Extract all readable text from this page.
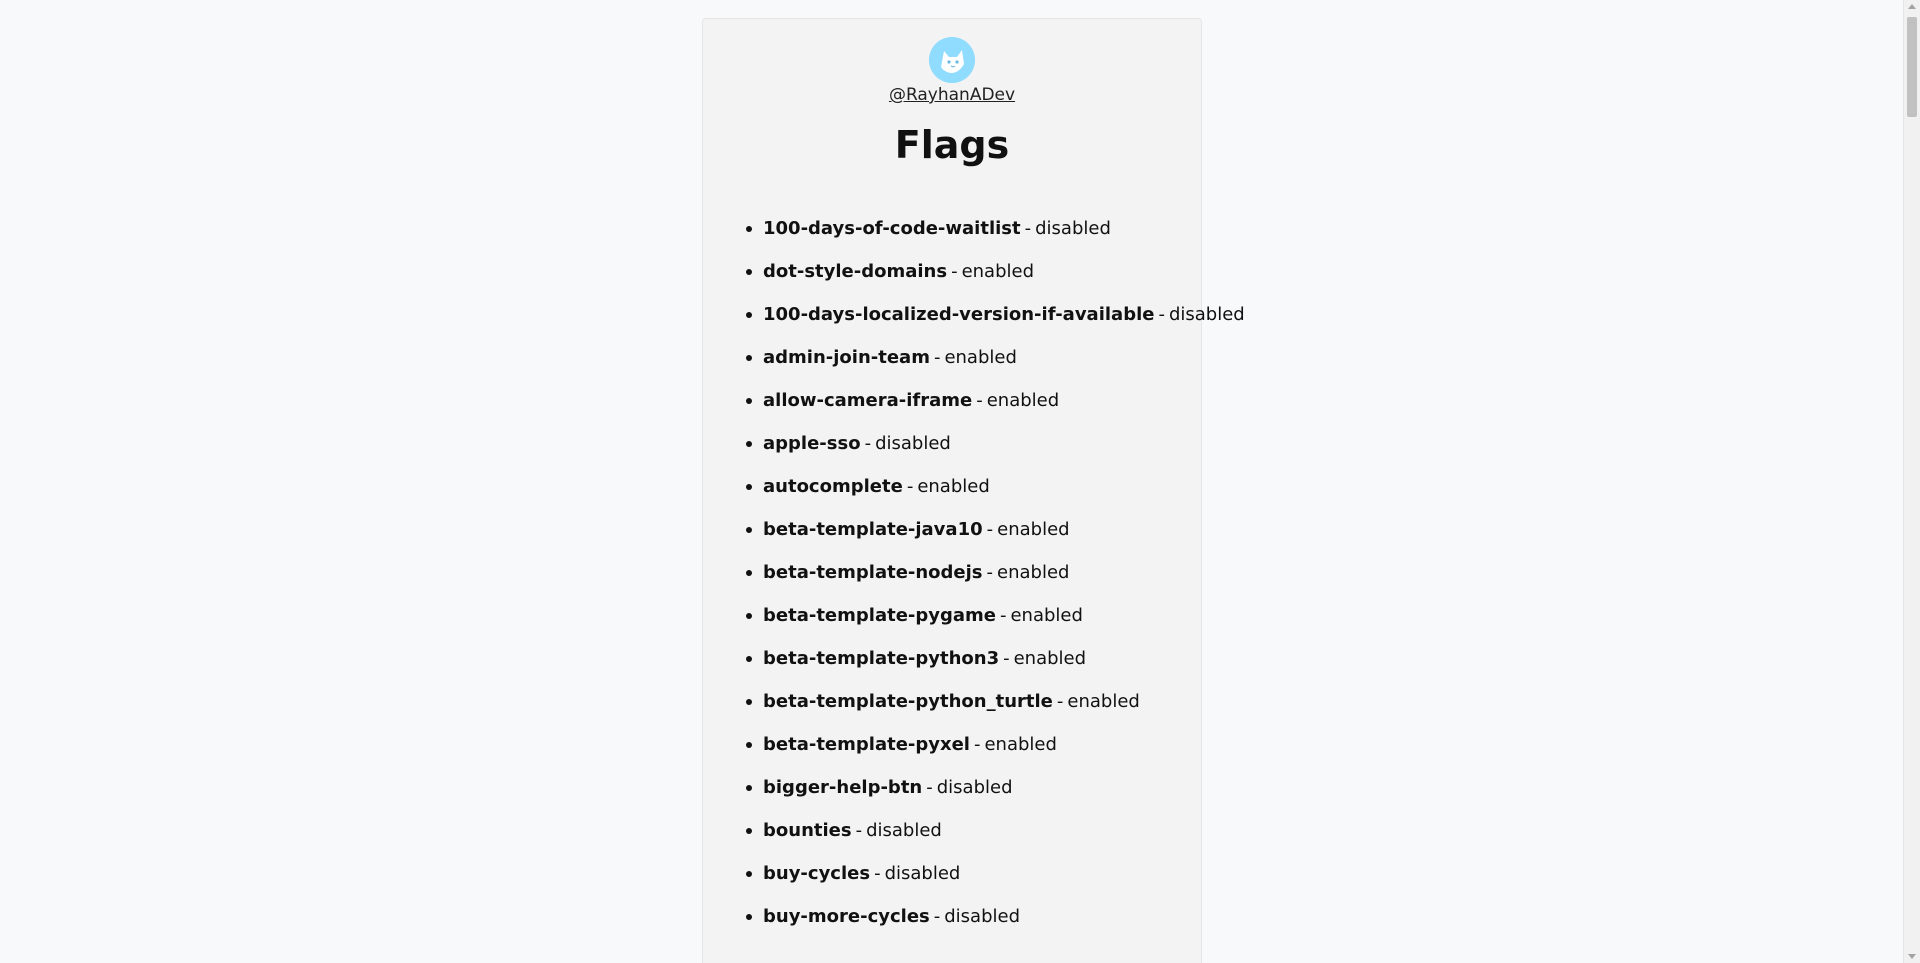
@RayhanADev
Flags
100-days-of-code-waitlist - disabled
dot-style-domains - enabled
100-days-localized-version-if-available - disabled
admin-join-team - enabled
allow-camera-iframe - enabled
apple-sso - disabled
autocomplete - enabled
beta-template-java10 - enabled
beta-template-nodejs - enabled
beta-template-pygame - enabled
beta-template-python3 - enabled
beta-template-python_turtle - enabled
beta-template-pyxel - enabled
bigger-help-btn - disabled
bounties - disabled
buy-cycles - disabled
buy-more-cycles - disabled
